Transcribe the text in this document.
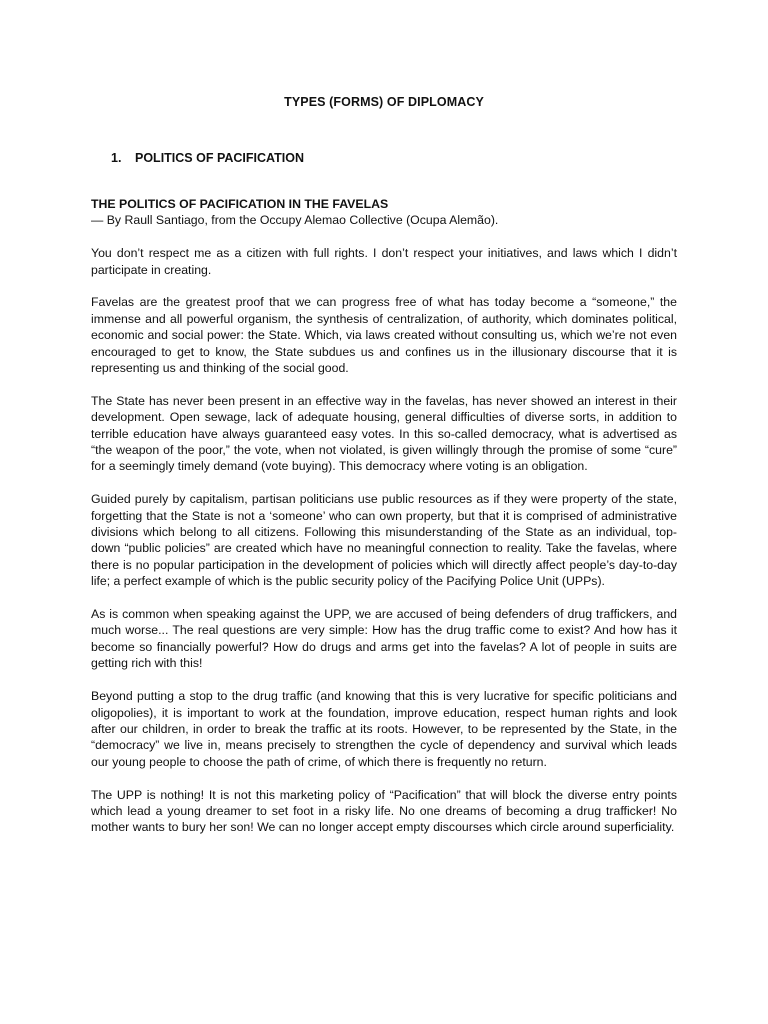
TYPES (FORMS) OF DIPLOMACY
1. POLITICS OF PACIFICATION

THE POLITICS OF PACIFICATION IN THE FAVELAS

— By Raull Santiago, from the Occupy Alemao Collective (Ocupa Alemão).

You don’t respect me as a citizen with full rights. I don’t respect your initiatives, and laws which I didn’t participate in creating.

Favelas are the greatest proof that we can progress free of what has today become a “someone,” the immense and all powerful organism, the synthesis of centralization, of authority, which dominates political, economic and social power: the State. Which, via laws created without consulting us, which we’re not even encouraged to get to know, the State subdues us and confines us in the illusionary discourse that it is representing us and thinking of the social good.

The State has never been present in an effective way in the favelas, has never showed an interest in their development. Open sewage, lack of adequate housing, general difficulties of diverse sorts, in addition to terrible education have always guaranteed easy votes. In this so-called democracy, what is advertised as “the weapon of the poor,” the vote, when not violated, is given willingly through the promise of some “cure” for a seemingly timely demand (vote buying). This democracy where voting is an obligation.

Guided purely by capitalism, partisan politicians use public resources as if they were property of the state, forgetting that the State is not a ‘someone’ who can own property, but that it is comprised of administrative divisions which belong to all citizens. Following this misunderstanding of the State as an individual, top-down “public policies” are created which have no meaningful connection to reality. Take the favelas, where there is no popular participation in the development of policies which will directly affect people’s day-to-day life; a perfect example of which is the public security policy of the Pacifying Police Unit (UPPs).

As is common when speaking against the UPP, we are accused of being defenders of drug traffickers, and much worse... The real questions are very simple: How has the drug traffic come to exist? And how has it become so financially powerful? How do drugs and arms get into the favelas? A lot of people in suits are getting rich with this!

Beyond putting a stop to the drug traffic (and knowing that this is very lucrative for specific politicians and oligopolies), it is important to work at the foundation, improve education, respect human rights and look after our children, in order to break the traffic at its roots. However, to be represented by the State, in the “democracy” we live in, means precisely to strengthen the cycle of dependency and survival which leads our young people to choose the path of crime, of which there is frequently no return.

The UPP is nothing! It is not this marketing policy of “Pacification” that will block the diverse entry points which lead a young dreamer to set foot in a risky life. No one dreams of becoming a drug trafficker! No mother wants to bury her son! We can no longer accept empty discourses which circle around superficiality.
